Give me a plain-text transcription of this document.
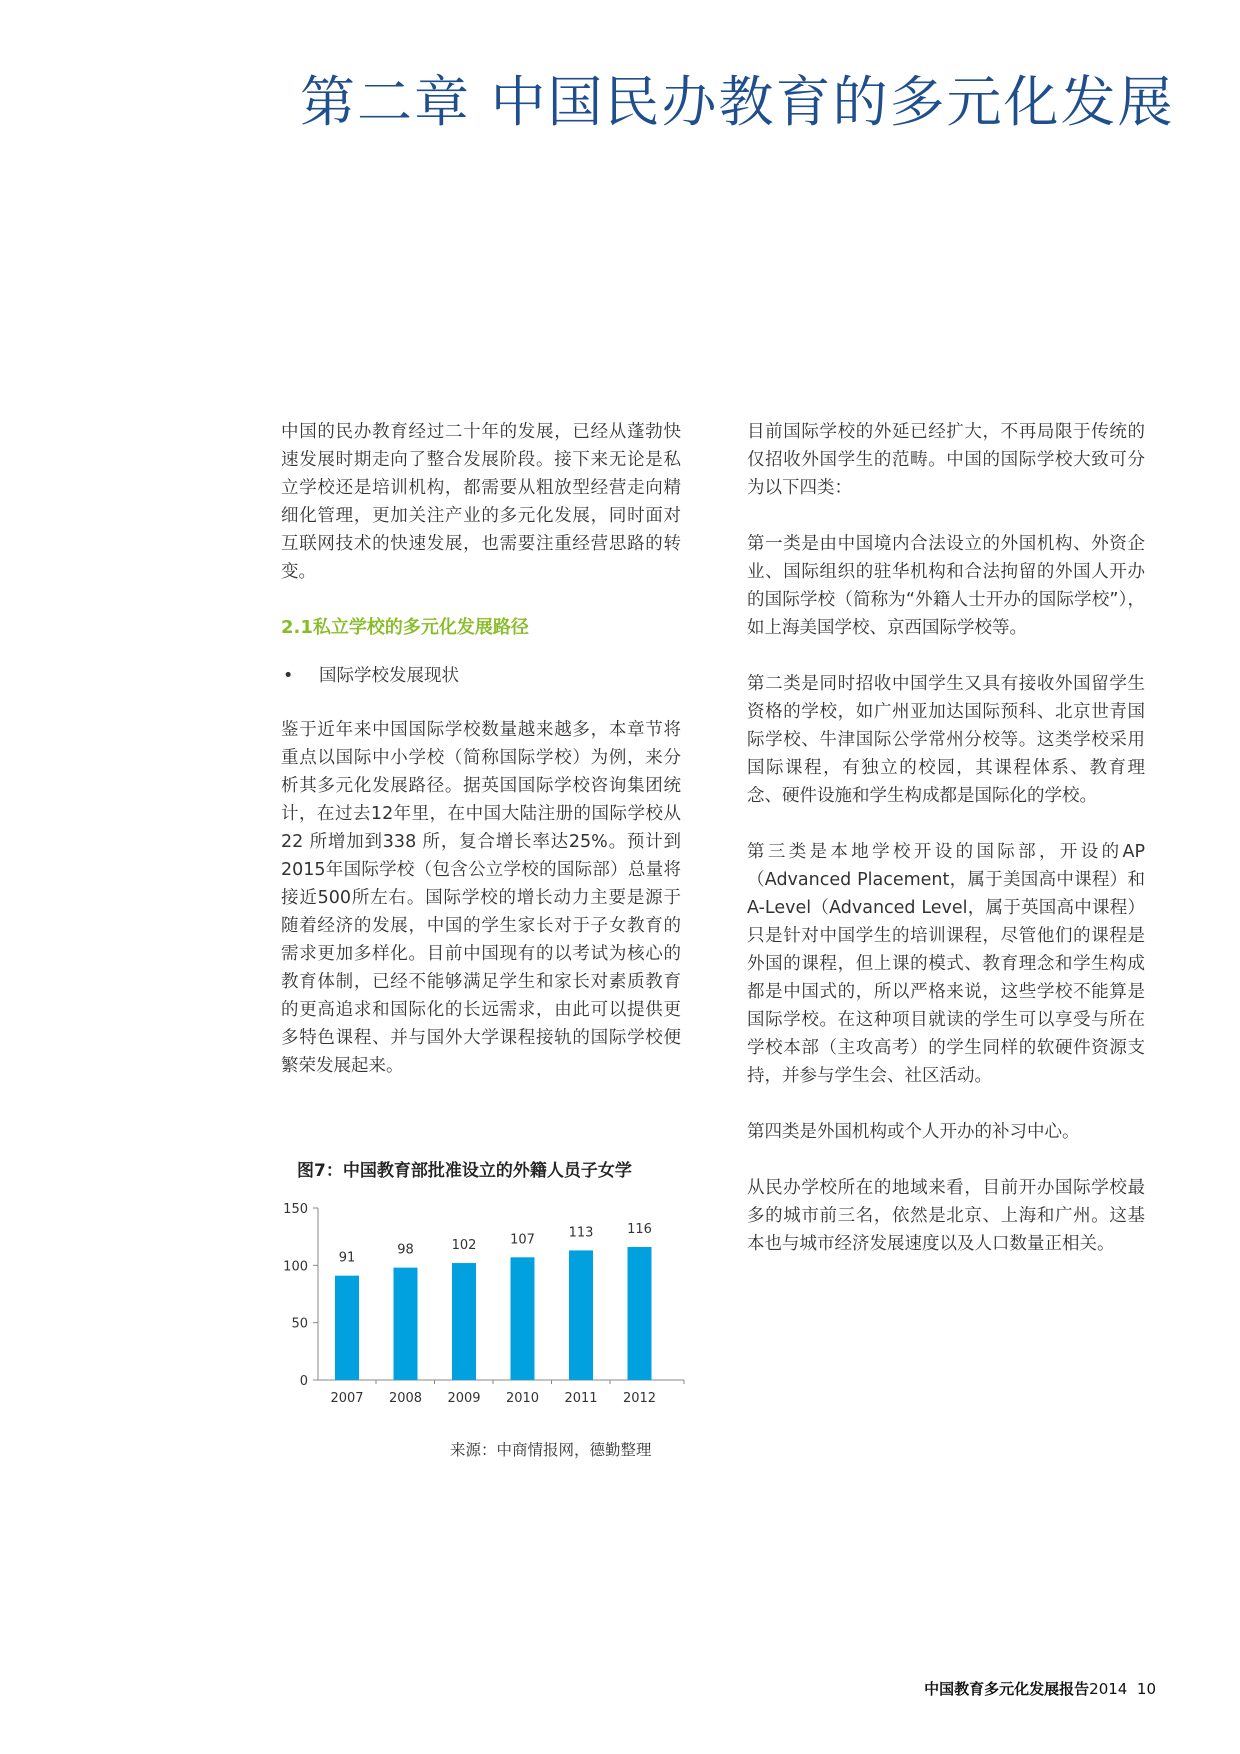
第二章 中国民办教育的多元化发展

中国的民办教育经过二十年的发展，已经从蓬勃快速发展时期走向了整合发展阶段。接下来无论是私立学校还是培训机构，都需要从粗放型经营走向精细化管理，更加关注产业的多元化发展，同时面对互联网技术的快速发展，也需要注重经营思路的转变。

2.1私立学校的多元化发展路径
•	国际学校发展现状

鉴于近年来中国国际学校数量越来越多，本章节将重点以国际中小学校（简称国际学校）为例，来分析其多元化发展路径。据英国国际学校咨询集团统计，在过去12年里，在中国大陆注册的国际学校从22 所增加到338 所，复合增长率达25%。预计到2015年国际学校（包含公立学校的国际部）总量将接近500所左右。国际学校的增长动力主要是源于随着经济的发展，中国的学生家长对于子女教育的需求更加多样化。目前中国现有的以考试为核心的教育体制，已经不能够满足学生和家长对素质教育的更高追求和国际化的长远需求，由此可以提供更多特色课程、并与国外大学课程接轨的国际学校便繁荣发展起来。

图7：中国教育部批准设立的外籍人员子女学
150
100
50
0
91
2007
98
2008
102
2009
107
2010
113
2011
116
2012
来源：中商情报网，德勤整理

目前国际学校的外延已经扩大，不再局限于传统的仅招收外国学生的范畴。中国的国际学校大致可分为以下四类：

第一类是由中国境内合法设立的外国机构、外资企业、国际组织的驻华机构和合法拘留的外国人开办的国际学校（简称为“外籍人士开办的国际学校”），如上海美国学校、京西国际学校等。

第二类是同时招收中国学生又具有接收外国留学生资格的学校，如广州亚加达国际预科、北京世青国际学校、牛津国际公学常州分校等。这类学校采用国际课程，有独立的校园，其课程体系、教育理念、硬件设施和学生构成都是国际化的学校。

第三类是本地学校开设的国际部，开设的AP（Advanced Placement，属于美国高中课程）和A-Level（Advanced Level，属于英国高中课程）只是针对中国学生的培训课程，尽管他们的课程是外国的课程，但上课的模式、教育理念和学生构成都是中国式的，所以严格来说，这些学校不能算是国际学校。在这种项目就读的学生可以享受与所在学校本部（主攻高考）的学生同样的软硬件资源支持，并参与学生会、社区活动。

第四类是外国机构或个人开办的补习中心。

从民办学校所在的地域来看，目前开办国际学校最多的城市前三名，依然是北京、上海和广州。这基本也与城市经济发展速度以及人口数量正相关。

中国教育多元化发展报告2014 10
